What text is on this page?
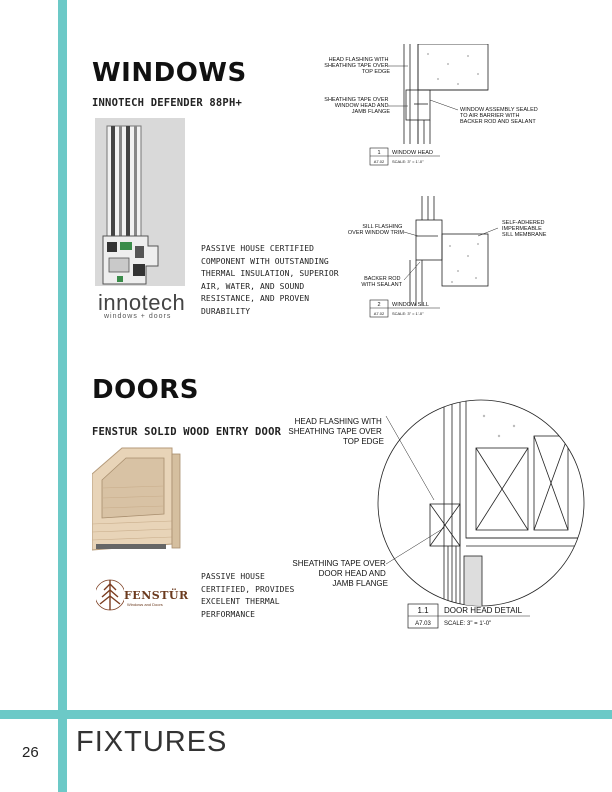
WINDOWS
INNOTECH DEFENDER 88PH+
innotech
windows + doors
PASSIVE HOUSE CERTIFIED
COMPONENT WITH OUTSTANDING
THERMAL INSULATION, SUPERIOR
AIR, WATER, AND SOUND
RESISTANCE, AND PROVEN
DURABILITY
HEAD FLASHING WITH SHEATHING TAPE OVER TOP EDGE
SHEATHING TAPE OVER WINDOW HEAD AND JAMB FLANGE	WINDOW ASSEMBLY SEALED TO AIR BARRIER WITH BACKER ROD AND SEALANT
1
A7.02
WINDOW HEAD
SCALE: 3" = 1'-0"
SILL FLASHING OVER WINDOW TRIM
SELF-ADHERED IMPERMEABLE SILL MEMBRANE
BACKER ROD WITH SEALANT
2
A7.02
WINDOW SILL
SCALE: 3" = 1'-0"
DOORS
FENSTUR SOLID WOOD ENTRY DOOR
FENSTÜR
Windows and Doors
PASSIVE HOUSE
CERTIFIED, PROVIDES
EXCELENT THERMAL
PERFORMANCE
HEAD FLASHING WITH SHEATHING TAPE OVER TOP EDGE
SHEATHING TAPE OVER DOOR HEAD AND JAMB FLANGE
1.1
A7.03
DOOR HEAD DETAIL
SCALE: 3" = 1'-0"
26 FIXTURES
